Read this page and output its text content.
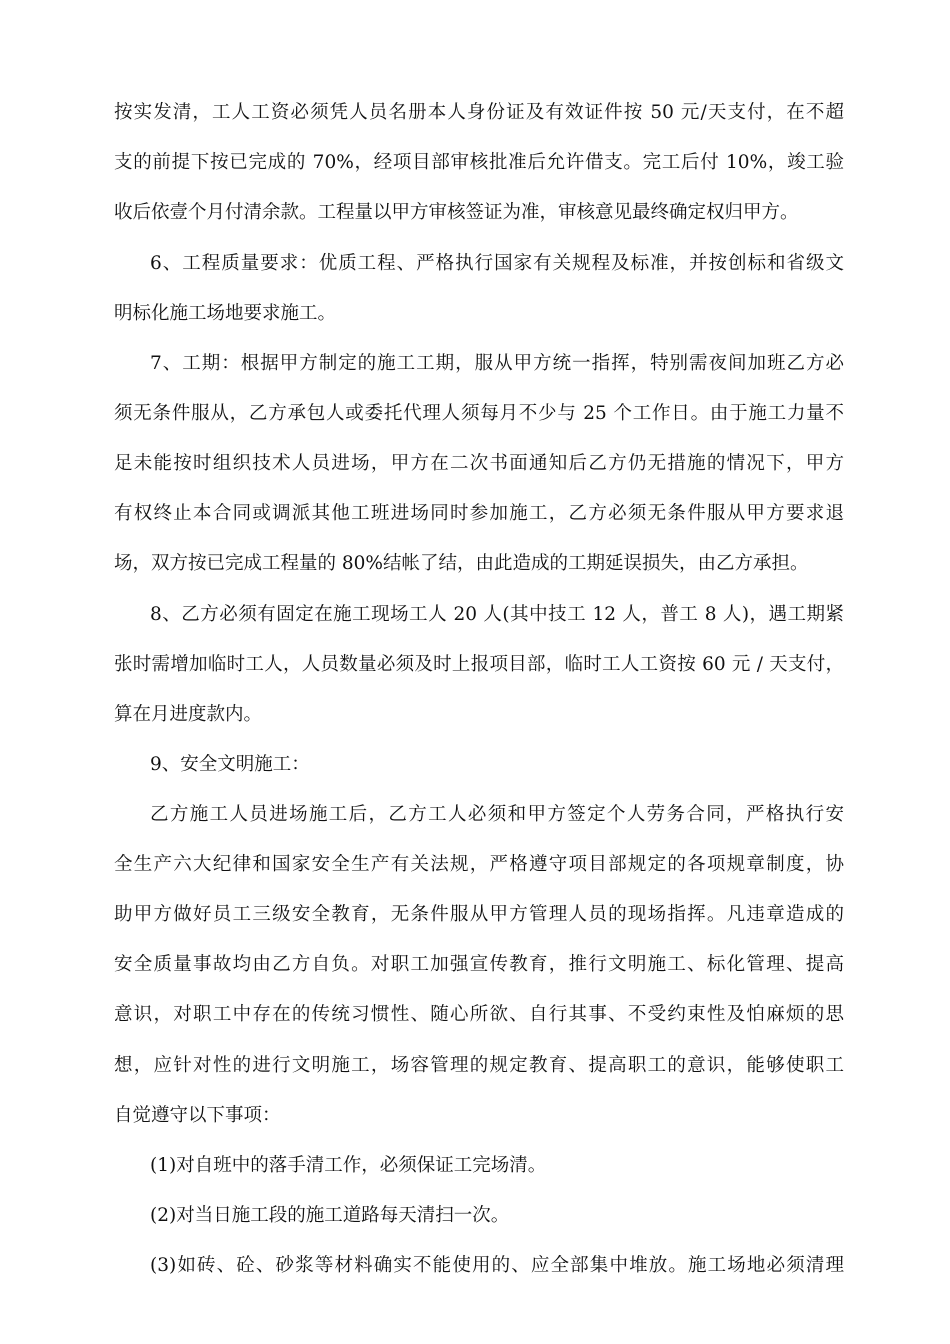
按实发清，工人工资必须凭人员名册本人身份证及有效证件按 50 元/天支付，在不超
支的前提下按已完成的 70%，经项目部审核批准后允许借支。完工后付 10%，竣工验
收后依壹个月付清余款。工程量以甲方审核签证为准，审核意见最终确定权归甲方。
6、工程质量要求：优质工程、严格执行国家有关规程及标准，并按创标和省级文
明标化施工场地要求施工。
7、工期：根据甲方制定的施工工期，服从甲方统一指挥，特别需夜间加班乙方必
须无条件服从，乙方承包人或委托代理人须每月不少与 25 个工作日。由于施工力量不
足未能按时组织技术人员进场，甲方在二次书面通知后乙方仍无措施的情况下，甲方
有权终止本合同或调派其他工班进场同时参加施工，乙方必须无条件服从甲方要求退
场，双方按已完成工程量的 80%结帐了结，由此造成的工期延误损失，由乙方承担。
8、乙方必须有固定在施工现场工人 20 人(其中技工 12 人，普工 8 人)，遇工期紧
张时需增加临时工人，人员数量必须及时上报项目部，临时工人工资按 60 元 / 天支付，
算在月进度款内。
9、安全文明施工：
乙方施工人员进场施工后，乙方工人必须和甲方签定个人劳务合同，严格执行安
全生产六大纪律和国家安全生产有关法规，严格遵守项目部规定的各项规章制度，协
助甲方做好员工三级安全教育，无条件服从甲方管理人员的现场指挥。凡违章造成的
安全质量事故均由乙方自负。对职工加强宣传教育，推行文明施工、标化管理、提高
意识，对职工中存在的传统习惯性、随心所欲、自行其事、不受约束性及怕麻烦的思
想，应针对性的进行文明施工，场容管理的规定教育、提高职工的意识，能够使职工
自觉遵守以下事项：
(1)对自班中的落手清工作，必须保证工完场清。
(2)对当日施工段的施工道路每天清扫一次。
(3)如砖、砼、砂浆等材料确实不能使用的、应全部集中堆放。施工场地必须清理
